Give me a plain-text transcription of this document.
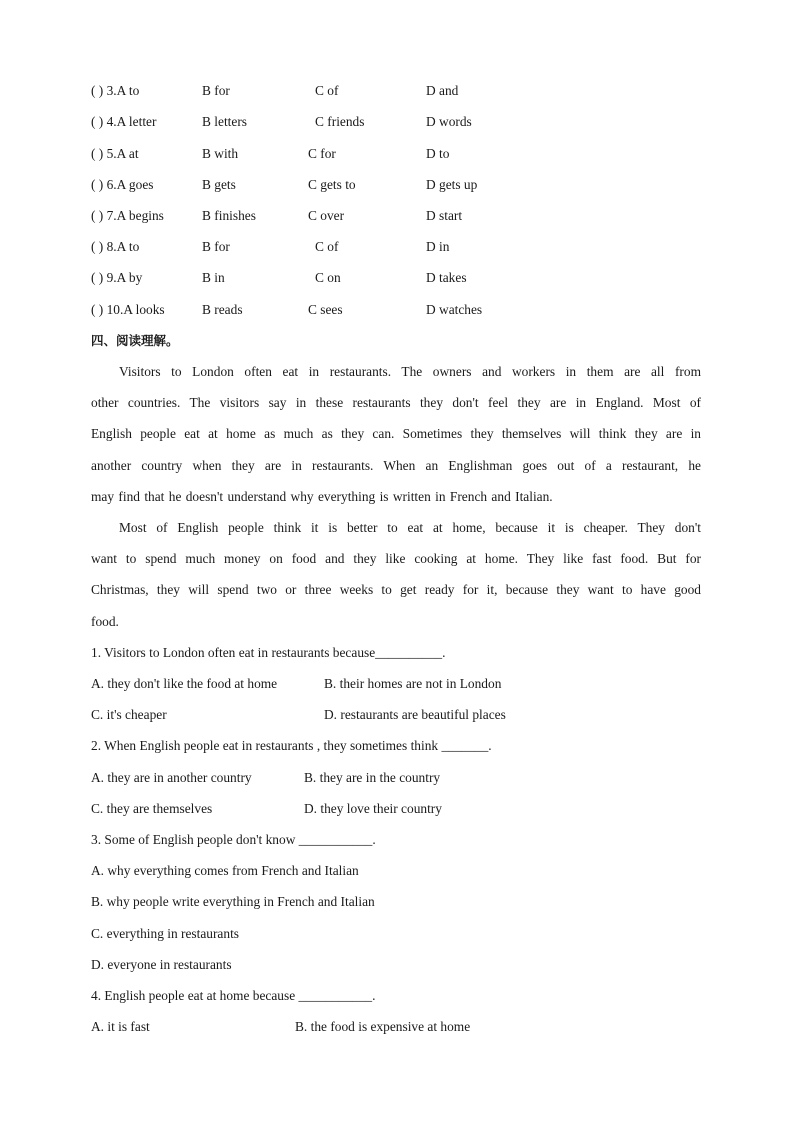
( ) 3.A to	B for	C of	D and
( ) 4.A letter	B letters	C friends	D words
( ) 5.A at	B with	C for	D to
( ) 6.A goes	B gets	C gets to	D gets up
( ) 7.A begins	B finishes	C over	D start
( ) 8.A to	B for	C of	D in
( ) 9.A by	B in	C on	D takes
( ) 10.A looks	B reads	C sees	D watches
四、阅读理解。
Visitors to London often eat in restaurants. The owners and workers in them are all from
other countries. The visitors say in these restaurants they don't feel they are in England. Most of
English people eat at home as much as they can. Sometimes they themselves will think they are in
another country when they are in restaurants. When an Englishman goes out of a restaurant, he
may find that he doesn't understand why everything is written in French and Italian.
Most of English people think it is better to eat at home, because it is cheaper. They don't
want to spend much money on food and they like cooking at home. They like fast food. But for
Christmas, they will spend two or three weeks to get ready for it, because they want to have good
food.
1. Visitors to London often eat in restaurants because__________.
A. they don't like the food at home	B. their homes are not in London
C. it's cheaper	D. restaurants are beautiful places
2. When English people eat in restaurants , they sometimes think _______.
A. they are in another country	B. they are in the country
C. they are themselves	D. they love their country
3. Some of English people don't know ___________.
A. why everything comes from French and Italian
B. why people write everything in French and Italian
C. everything in restaurants
D. everyone in restaurants
4. English people eat at home because ___________.
A. it is fast	B. the food is expensive at home
